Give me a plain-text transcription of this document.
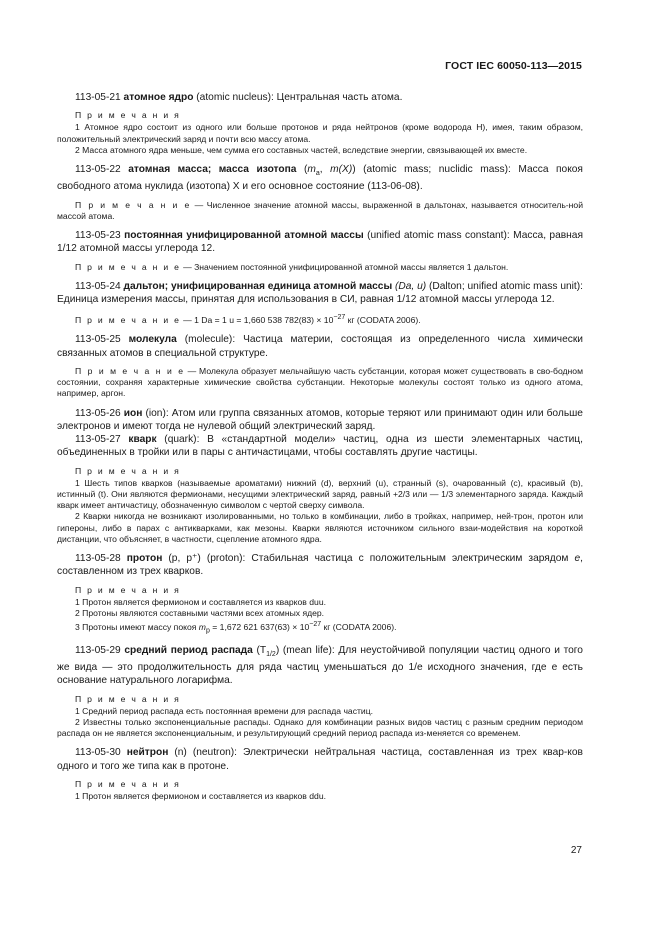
ГОСТ IEC 60050-113—2015

113-05-21 атомное ядро (atomic nucleus): Центральная часть атома.

П р и м е ч а н и я

1 Атомное ядро состоит из одного или больше протонов и ряда нейтронов (кроме водорода H), имея, таким образом, положительный электрический заряд и почти всю массу атома.

2 Масса атомного ядра меньше, чем сумма его составных частей, вследствие энергии, связывающей их вместе.

113-05-22 атомная масса; масса изотопа ($m_a$, m(X)) (atomic mass; nuclidic mass): Масса покоя свободного атома нуклида (изотопа) X и его основное состояние (113-06-08).

П р и м е ч а н и е — Численное значение атомной массы, выраженной в дальтонах, называется относитель-ной массой атома.

113-05-23 постоянная унифицированной атомной массы (unified atomic mass constant): Масса, равная 1/12 атомной массы углерода 12.

П р и м е ч а н и е — Значением постоянной унифицированной атомной массы является 1 дальтон.

113-05-24 дальтон; унифицированная единица атомной массы (Da, u) (Dalton; unified atomic mass unit): Единица измерения массы, принятая для использования в СИ, равная 1/12 атомной массы углерода 12.

П р и м е ч а н и е — 1 Da = 1 u = 1,660 538 $782(83) \times 10^{-27}$ кг (CODATA 2006).

113-05-25 молекула (molecule): Частица материи, состоящая из определенного числа химически связанных атомов в специальной структуре.

П р и м е ч а н и е — Молекула образует мельчайшую часть субстанции, которая может существовать в сво-бодном состоянии, сохраняя характерные химические свойства субстанции. Некоторые молекулы состоят только из одного атома, например, аргон.

113-05-26 ион (ion): Атом или группа связанных атомов, которые теряют или принимают один или больше электронов и имеют тогда не нулевой общий электрический заряд.

113-05-27 кварк (quark): В «стандартной модели» частиц, одна из шести элементарных частиц, объединенных в тройки или в пары с античастицами, чтобы составлять другие частицы.

П р и м е ч а н и я

1 Шесть типов кварков (называемые ароматами) нижний (d), верхний (u), странный (s), очарованный (c), красивый (b), истинный (t). Они являются фермионами, несущими электрический заряд, равный +2/3 или — 1/3 элементарного заряда. Каждый кварк имеет античастицу, обозначенную символом с чертой сверху символа.

2 Кварки никогда не возникают изолированными, но только в комбинации, либо в тройках, например, ней-трон, протон или гипероны, либо в парах с антикварками, как мезоны. Кварки являются источником сильного взаи-модействия на короткой дистанции, что объясняет, в частности, сцепление атомного ядра.

113-05-28 протон (p, p⁺) (proton): Стабильная частица с положительным электрическим зарядом e, составленном из трех кварков.

П р и м е ч а н и я

1 Протон является фермионом и составляется из кварков duu.

2 Протоны являются составными частями всех атомных ядер.

3 Протоны имеют массу покоя $m_p = 1,672$ 621 $637(63) \times 10^{-27}$ кг (CODATA 2006).

113-05-29 средний период распада $(T_{1/2})$ (mean life): Для неустойчивой популяции частиц одного и того же вида — это продолжительность для ряда частиц уменьшаться до 1/e исходного значения, где e есть основание натурального логарифма.

П р и м е ч а н и я

1 Средний период распада есть постоянная времени для распада частиц.

2 Известны только экспоненциальные распады. Однако для комбинации разных видов частиц с разным средним периодом распада он не является экспоненциальным, и результирующий средний период распада из-меняется со временем.

113-05-30 нейтрон (n) (neutron): Электрически нейтральная частица, составленная из трех квар-ков одного и того же типа как в протоне.

П р и м е ч а н и я

1 Протон является фермионом и составляется из кварков ddu.

27
